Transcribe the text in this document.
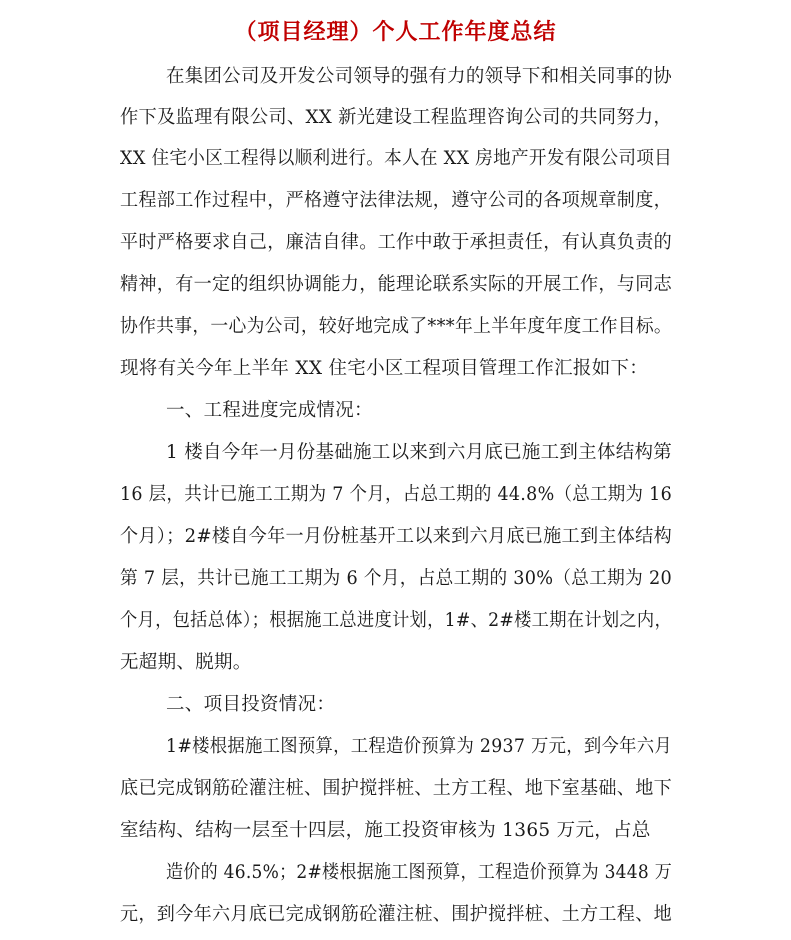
（项目经理）个人工作年度总结
在集团公司及开发公司领导的强有力的领导下和相关同事的协
作下及监理有限公司、XX 新光建设工程监理咨询公司的共同努力，
XX 住宅小区工程得以顺利进行。本人在 XX 房地产开发有限公司项目
工程部工作过程中，严格遵守法律法规，遵守公司的各项规章制度，
平时严格要求自己，廉洁自律。工作中敢于承担责任，有认真负责的
精神，有一定的组织协调能力，能理论联系实际的开展工作，与同志
协作共事，一心为公司，较好地完成了***年上半年度年度工作目标。
现将有关今年上半年 XX 住宅小区工程项目管理工作汇报如下：
一、工程进度完成情况：
1 楼自今年一月份基础施工以来到六月底已施工到主体结构第
16 层，共计已施工工期为 7 个月，占总工期的 44.8%（总工期为 16
个月）；2#楼自今年一月份桩基开工以来到六月底已施工到主体结构
第 7 层，共计已施工工期为 6 个月，占总工期的 30%（总工期为 20
个月，包括总体）；根据施工总进度计划，1#、2#楼工期在计划之内，
无超期、脱期。
二、项目投资情况：
1#楼根据施工图预算，工程造价预算为 2937 万元，到今年六月
底已完成钢筋砼灌注桩、围护搅拌桩、土方工程、地下室基础、地下
室结构、结构一层至十四层，施工投资审核为 1365 万元，占总
造价的 46.5%；2#楼根据施工图预算，工程造价预算为 3448 万
元，到今年六月底已完成钢筋砼灌注桩、围护搅拌桩、土方工程、地
